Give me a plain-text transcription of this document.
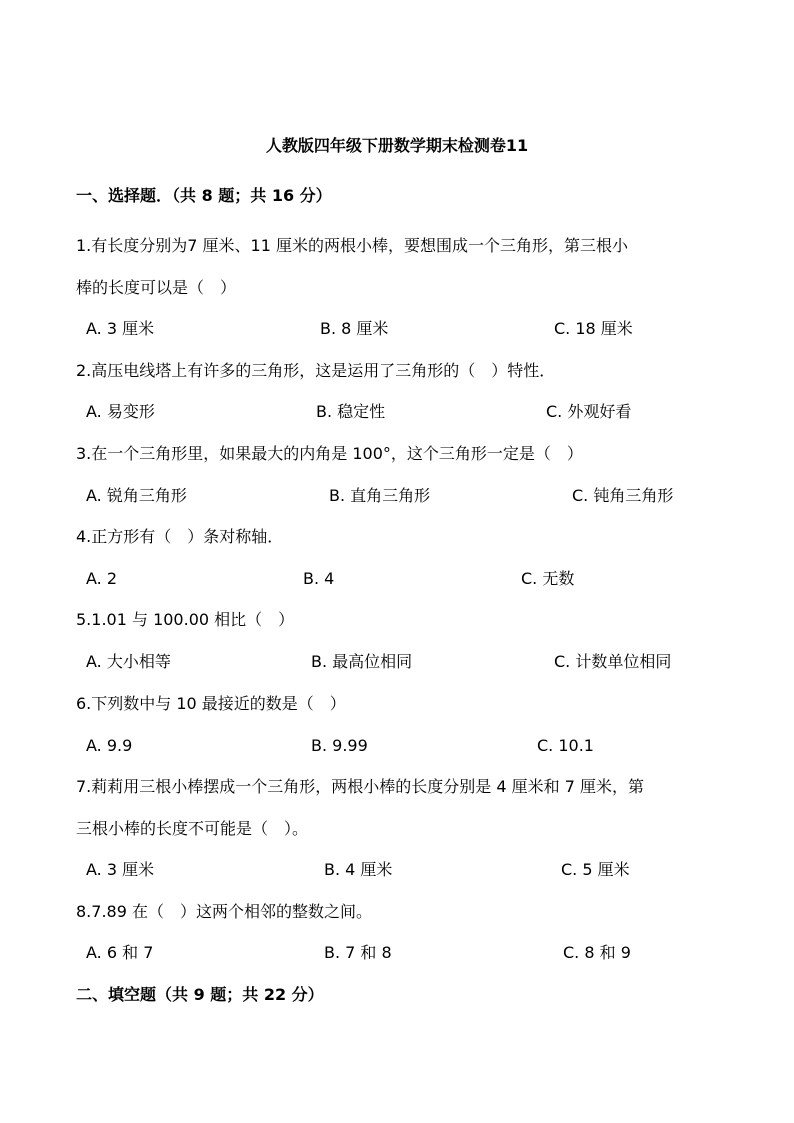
人教版四年级下册数学期末检测卷11
一、选择题．（共 8 题；共 16 分）
1.有长度分别为7 厘米、11 厘米的两根小棒，要想围成一个三角形，第三根小
棒的长度可以是（　）
A. 3 厘米	B. 8 厘米	C. 18 厘米
2.高压电线塔上有许多的三角形，这是运用了三角形的（　）特性．
A. 易变形	B. 稳定性	C. 外观好看
3.在一个三角形里，如果最大的内角是 100°，这个三角形一定是（　）
A. 锐角三角形	B. 直角三角形	C. 钝角三角形
4.正方形有（　）条对称轴．
A. 2	B. 4	C. 无数
5.1.01 与 100.00 相比（　）
A. 大小相等	B. 最高位相同	C. 计数单位相同
6.下列数中与 10 最接近的数是（　）
A. 9.9	B. 9.99	C. 10.1
7.莉莉用三根小棒摆成一个三角形，两根小棒的长度分别是 4 厘米和 7 厘米，第
三根小棒的长度不可能是（　）。
A. 3 厘米	B. 4 厘米	C. 5 厘米
8.7.89 在（　）这两个相邻的整数之间。
A. 6 和 7	B. 7 和 8	C. 8 和 9
二、填空题（共 9 题；共 22 分）
